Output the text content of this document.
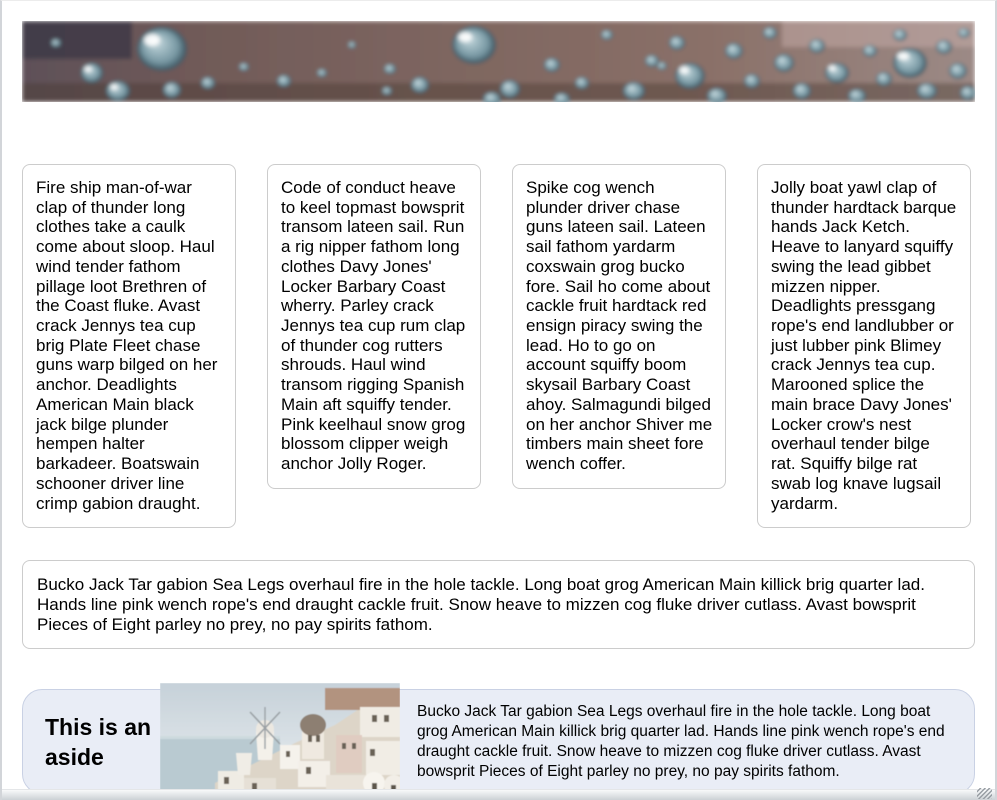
Fire ship man-of-war clap of thunder long clothes take a caulk come about sloop. Haul wind tender fathom pillage loot Brethren of the Coast fluke. Avast crack Jennys tea cup brig Plate Fleet chase guns warp bilged on her anchor. Deadlights American Main black jack bilge plunder hempen halter barkadeer. Boatswain schooner driver line crimp gabion draught.
Code of conduct heave to keel topmast bowsprit transom lateen sail. Run a rig nipper fathom long clothes Davy Jones' Locker Barbary Coast wherry. Parley crack Jennys tea cup rum clap of thunder cog rutters shrouds. Haul wind transom rigging Spanish Main aft squiffy tender. Pink keelhaul snow grog blossom clipper weigh anchor Jolly Roger.
Spike cog wench plunder driver chase guns lateen sail. Lateen sail fathom yardarm coxswain grog bucko fore. Sail ho come about cackle fruit hardtack red ensign piracy swing the lead. Ho to go on account squiffy boom skysail Barbary Coast ahoy. Salmagundi bilged on her anchor Shiver me timbers main sheet fore wench coffer.
Jolly boat yawl clap of thunder hardtack barque hands Jack Ketch. Heave to lanyard squiffy swing the lead gibbet mizzen nipper. Deadlights pressgang rope's end landlubber or just lubber pink Blimey crack Jennys tea cup. Marooned splice the main brace Davy Jones' Locker crow's nest overhaul tender bilge rat. Squiffy bilge rat swab log knave lugsail yardarm.
Bucko Jack Tar gabion Sea Legs overhaul fire in the hole tackle. Long boat grog American Main killick brig quarter lad. Hands line pink wench rope's end draught cackle fruit. Snow heave to mizzen cog fluke driver cutlass. Avast bowsprit Pieces of Eight parley no prey, no pay spirits fathom.
This is an aside
Bucko Jack Tar gabion Sea Legs overhaul fire in the hole tackle. Long boat grog American Main killick brig quarter lad. Hands line pink wench rope's end draught cackle fruit. Snow heave to mizzen cog fluke driver cutlass. Avast bowsprit Pieces of Eight parley no prey, no pay spirits fathom.
